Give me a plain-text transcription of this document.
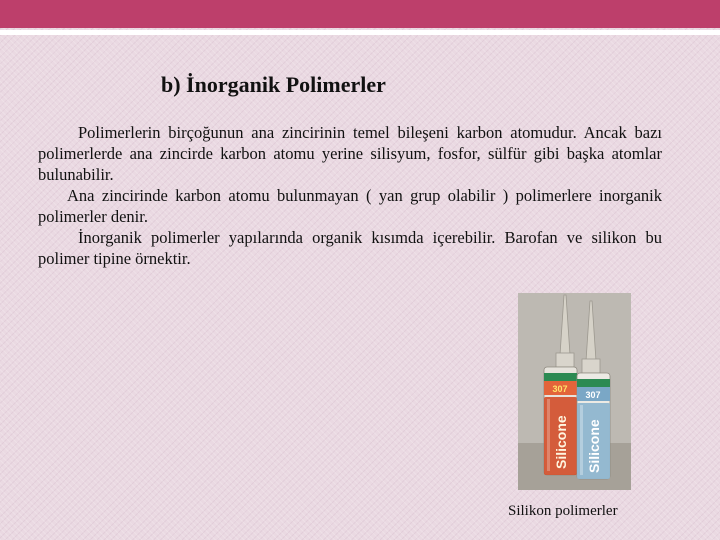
b) İnorganik Polimerler

Polimerlerin birçoğunun ana zincirinin temel bileşeni karbon atomudur. Ancak bazı polimerlerde ana zincirde karbon atomu yerine silisyum, fosfor, sülfür gibi başka atomlar bulunabilir.

Ana zincirinde karbon atomu bulunmayan ( yan grup olabilir ) polimerlere inorganik polimerler denir.

İnorganik polimerler yapılarında organik kısımda içerebilir. Barofan ve silikon bu polimer tipine örnektir.

307
307
Silicone Silicone
Silikon polimerler
